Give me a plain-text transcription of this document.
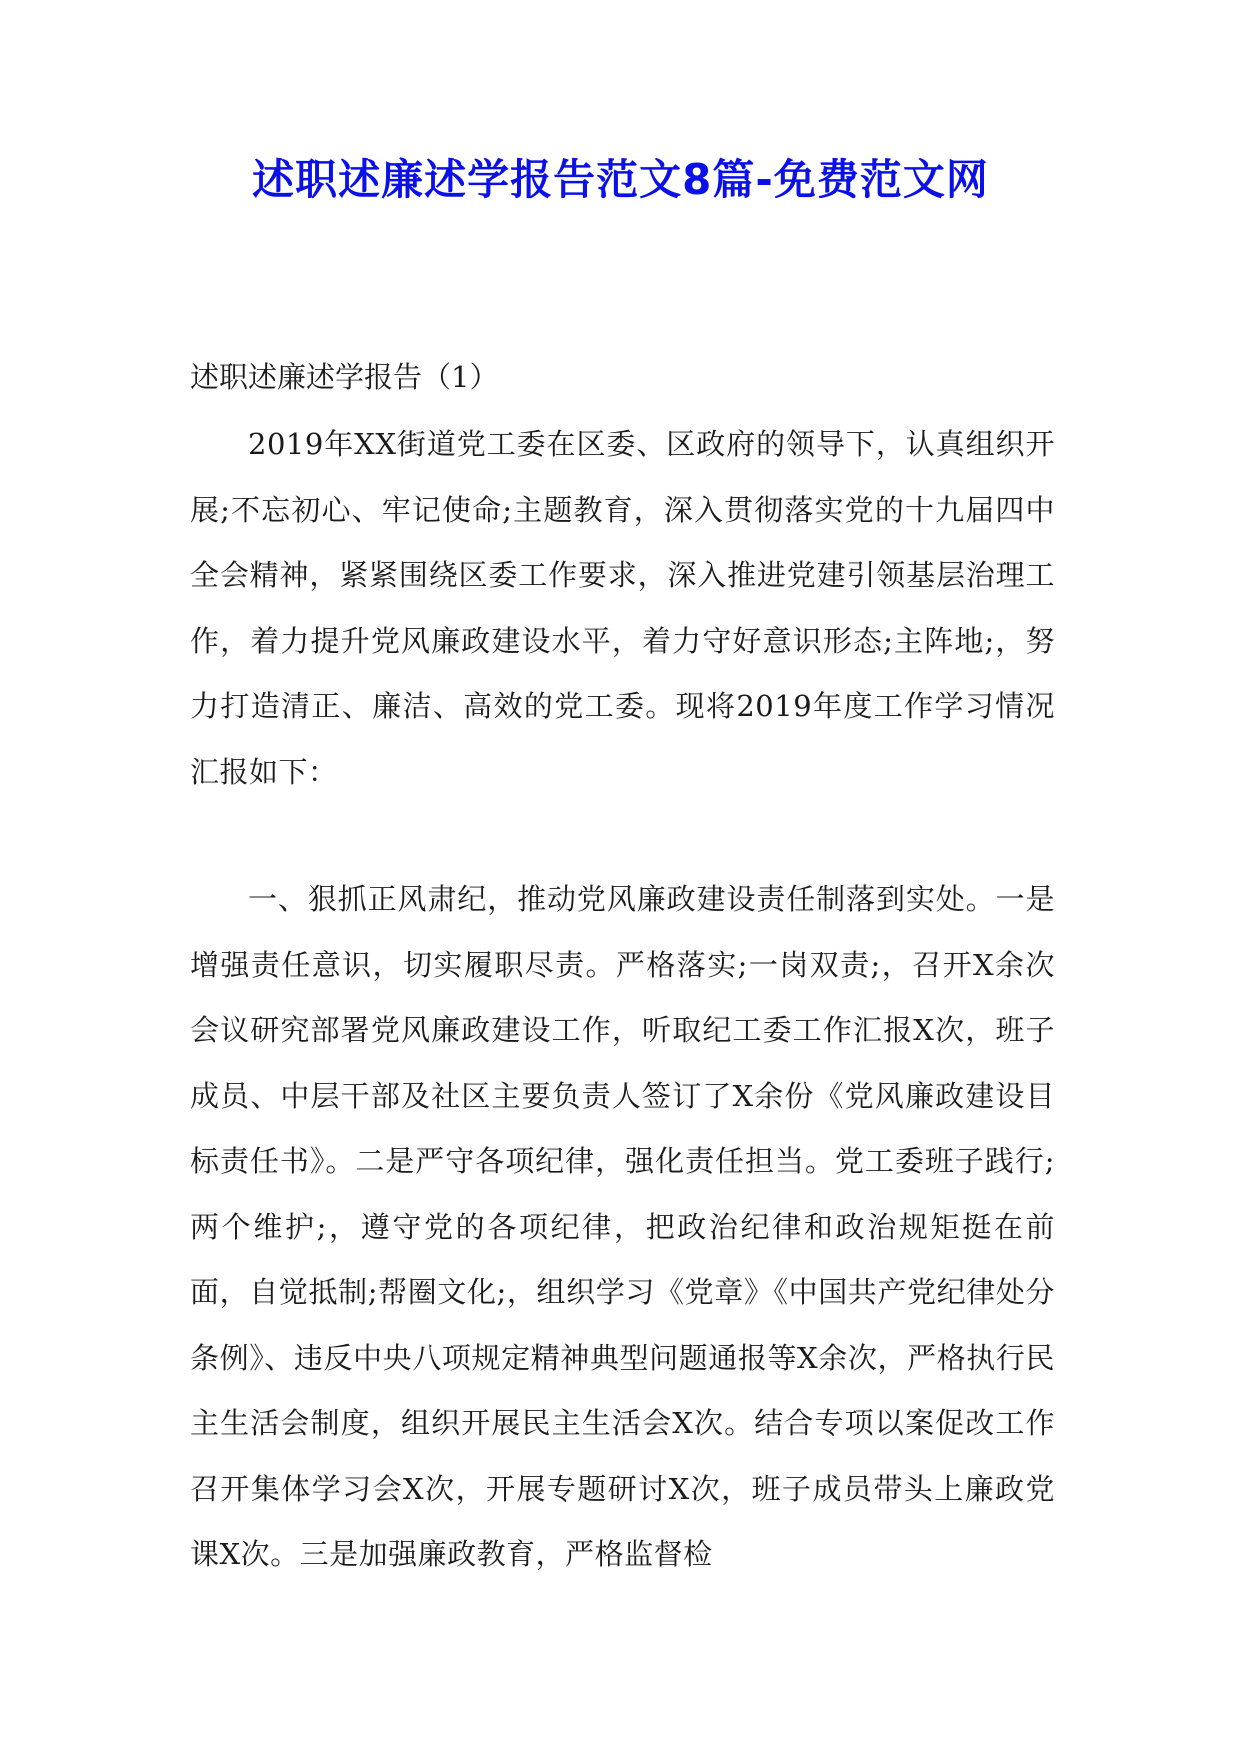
述职述廉述学报告范文8篇-免费范文网

述职述廉述学报告（1）

2019年XX街道党工委在区委、区政府的领导下，认真组织开展;不忘初心、牢记使命;主题教育，深入贯彻落实党的十九届四中全会精神，紧紧围绕区委工作要求，深入推进党建引领基层治理工作，着力提升党风廉政建设水平，着力守好意识形态;主阵地;，努力打造清正、廉洁、高效的党工委。现将2019年度工作学习情况汇报如下：

一、狠抓正风肃纪，推动党风廉政建设责任制落到实处。一是增强责任意识，切实履职尽责。严格落实;一岗双责;，召开X余次会议研究部署党风廉政建设工作，听取纪工委工作汇报X次，班子成员、中层干部及社区主要负责人签订了X余份《党风廉政建设目标责任书》。二是严守各项纪律，强化责任担当。党工委班子践行;两个维护;，遵守党的各项纪律，把政治纪律和政治规矩挺在前面，自觉抵制;帮圈文化;，组织学习《党章》《中国共产党纪律处分条例》、违反中央八项规定精神典型问题通报等X余次，严格执行民主生活会制度，组织开展民主生活会X次。结合专项以案促改工作召开集体学习会X次，开展专题研讨X次，班子成员带头上廉政党课X次。三是加强廉政教育，严格监督检
